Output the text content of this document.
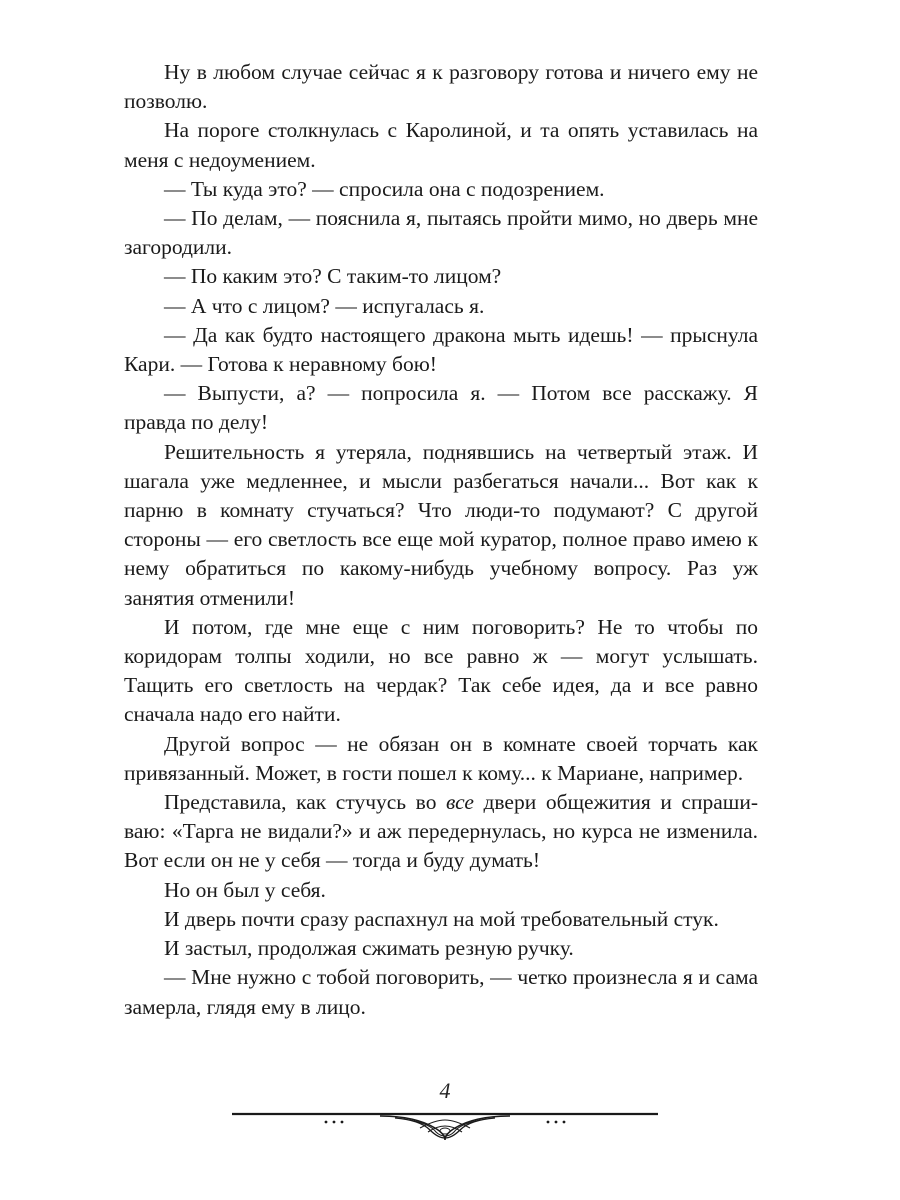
Ну в любом случае сейчас я к разговору готова и ничего ему не позволю.

На пороге столкнулась с Каролиной, и та опять уставилась на меня с недоумением.

— Ты куда это? — спросила она с подозрением.

— По делам, — пояснила я, пытаясь пройти мимо, но дверь мне загородили.

— По каким это? С таким-то лицом?

— А что с лицом? — испугалась я.

— Да как будто настоящего дракона мыть идешь! — прыснула Кари. — Готова к неравному бою!

— Выпусти, а? — попросила я. — Потом все расскажу. Я правда по делу!

Решительность я утеряла, поднявшись на четвертый этаж. И шагала уже медленнее, и мысли разбегаться начали... Вот как к парню в комнату стучаться? Что люди-то подумают? С другой стороны — его светлость все еще мой куратор, полное право имею к нему обратиться по какому-нибудь учебному вопросу. Раз уж занятия отменили!

И потом, где мне еще с ним поговорить? Не то чтобы по коридорам толпы ходили, но все равно ж — могут услышать. Тащить его светлость на чердак? Так себе идея, да и все равно сначала надо его найти.

Другой вопрос — не обязан он в комнате своей торчать как привязанный. Может, в гости пошел к кому... к Мариане, например.

Представила, как стучусь во все двери общежития и спрашиваю: «Тарга не видали?» и аж передернулась, но курса не изменила. Вот если он не у себя — тогда и буду думать!

Но он был у себя.

И дверь почти сразу распахнул на мой требовательный стук.

И застыл, продолжая сжимать резную ручку.

— Мне нужно с тобой поговорить, — четко произнесла я и сама замерла, глядя ему в лицо.

4
